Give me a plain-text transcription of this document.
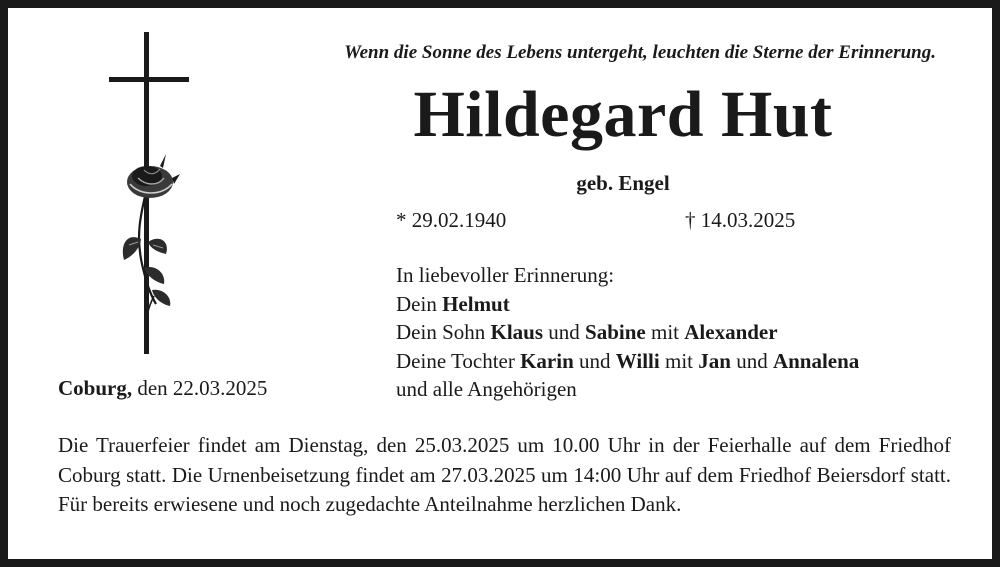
Wenn die Sonne des Lebens untergeht, leuchten die Sterne der Erinnerung.
Hildegard Hut
geb. Engel
* 29.02.1940	† 14.03.2025
In liebevoller Erinnerung:
Dein Helmut
Dein Sohn Klaus und Sabine mit Alexander
Deine Tochter Karin und Willi mit Jan und Annalena
und alle Angehörigen
Coburg, den 22.03.2025
Die Trauerfeier findet am Dienstag, den 25.03.2025 um 10.00 Uhr in der Feierhalle auf dem Friedhof Coburg statt. Die Urnenbeisetzung findet am 27.03.2025 um 14:00 Uhr auf dem Friedhof Beiersdorf statt. Für bereits erwiesene und noch zugedachte Anteilnahme herzlichen Dank.
